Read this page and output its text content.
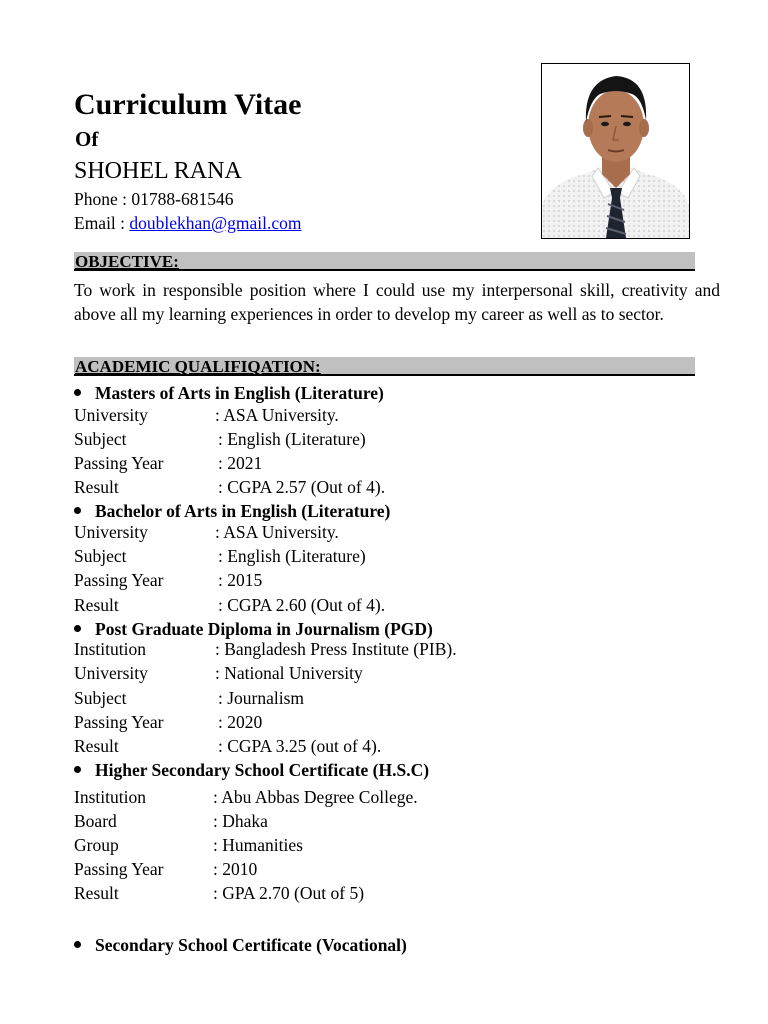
Curriculum Vitae
Of
SHOHEL RANA
Phone : 01788-681546
Email : doublekhan@gmail.com
OBJECTIVE:
To work in responsible position where I could use my interpersonal skill, creativity and above all my learning experiences in order to develop my career as well as to sector.
ACADEMIC QUALIFIQATION:
Masters of Arts in English (Literature)
University	: ASA University.
Subject	: English (Literature)
Passing Year	: 2021
Result	: CGPA 2.57 (Out of 4).
Bachelor of Arts in English (Literature)
University	: ASA University.
Subject	: English (Literature)
Passing Year	: 2015
Result	: CGPA 2.60 (Out of 4).
Post Graduate Diploma in Journalism (PGD)
Institution	: Bangladesh Press Institute (PIB).
University	: National University
Subject	: Journalism
Passing Year	: 2020
Result	: CGPA 3.25 (out of 4).
Higher Secondary School Certificate (H.S.C)
Institution	: Abu Abbas Degree College.
Board	: Dhaka
Group	: Humanities
Passing Year	: 2010
Result	: GPA 2.70 (Out of 5)
Secondary School Certificate (Vocational)
